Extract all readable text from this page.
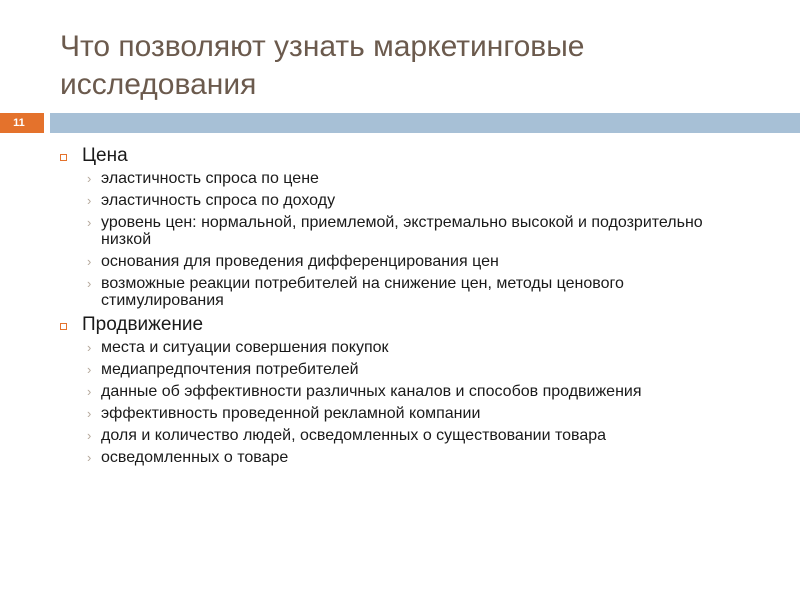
Что позволяют узнать маркетинговые
исследования
11
Цена
› эластичность спроса по цене
› эластичность спроса по доходу
› уровень цен: нормальной, приемлемой, экстремально высокой и подозрительно низкой
› основания для проведения дифференцирования цен
› возможные реакции потребителей на снижение цен, методы ценового стимулирования
Продвижение
› места и ситуации совершения покупок
› медиапредпочтения потребителей
› данные об эффективности различных каналов и способов продвижения
› эффективность проведенной рекламной компании
› доля и количество людей, осведомленных о существовании товара
› осведомленных о товаре
